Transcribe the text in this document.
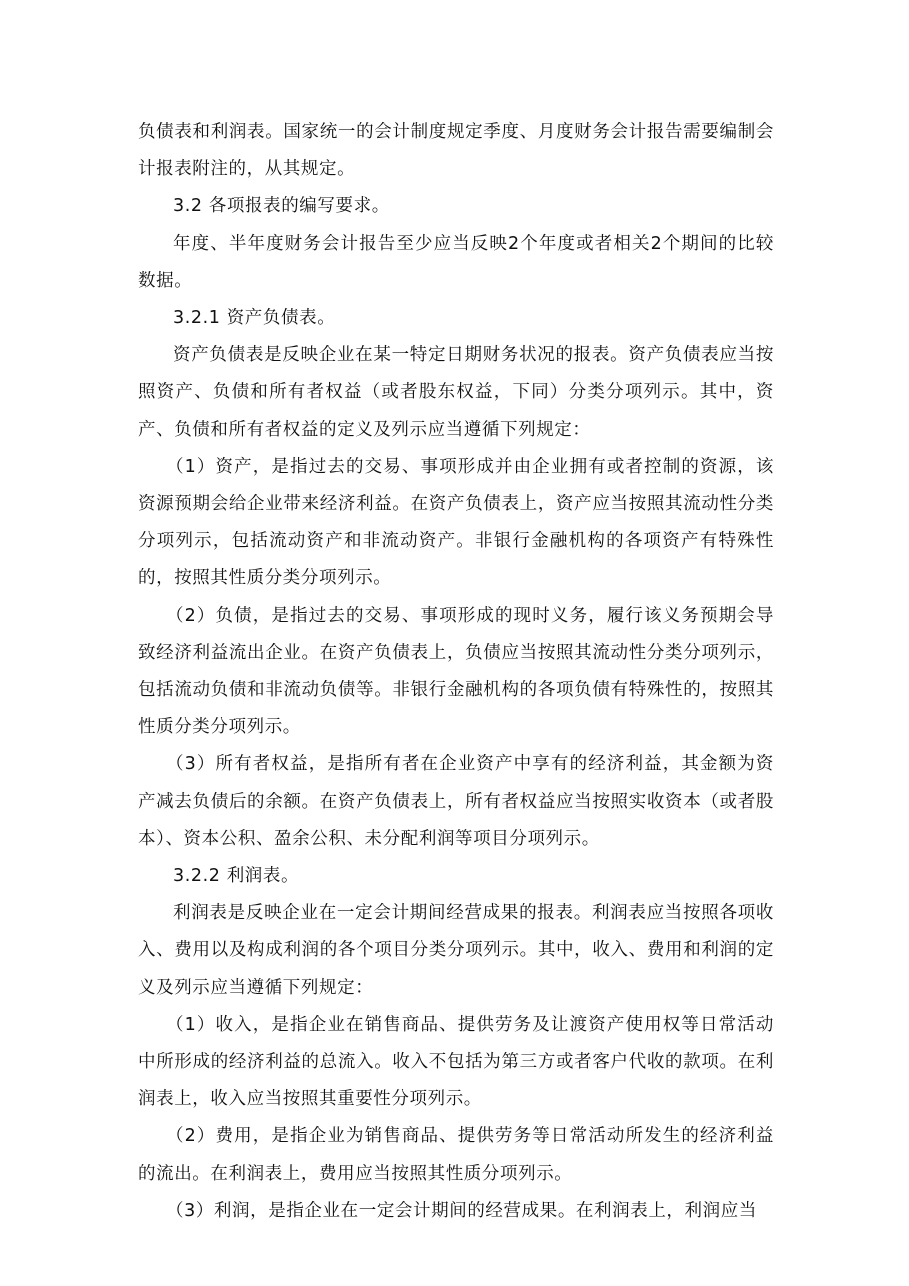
负债表和利润表。国家统一的会计制度规定季度、月度财务会计报告需要编制会计报表附注的，从其规定。

3.2 各项报表的编写要求。

年度、半年度财务会计报告至少应当反映2个年度或者相关2个期间的比较数据。

3.2.1 资产负债表。

资产负债表是反映企业在某一特定日期财务状况的报表。资产负债表应当按照资产、负债和所有者权益（或者股东权益，下同）分类分项列示。其中，资产、负债和所有者权益的定义及列示应当遵循下列规定：

（1）资产，是指过去的交易、事项形成并由企业拥有或者控制的资源，该资源预期会给企业带来经济利益。在资产负债表上，资产应当按照其流动性分类分项列示，包括流动资产和非流动资产。非银行金融机构的各项资产有特殊性的，按照其性质分类分项列示。

（2）负债，是指过去的交易、事项形成的现时义务，履行该义务预期会导致经济利益流出企业。在资产负债表上，负债应当按照其流动性分类分项列示，包括流动负债和非流动负债等。非银行金融机构的各项负债有特殊性的，按照其性质分类分项列示。

（3）所有者权益，是指所有者在企业资产中享有的经济利益，其金额为资产减去负债后的余额。在资产负债表上，所有者权益应当按照实收资本（或者股本）、资本公积、盈余公积、未分配利润等项目分项列示。

3.2.2 利润表。

利润表是反映企业在一定会计期间经营成果的报表。利润表应当按照各项收入、费用以及构成利润的各个项目分类分项列示。其中，收入、费用和利润的定义及列示应当遵循下列规定：

（1）收入，是指企业在销售商品、提供劳务及让渡资产使用权等日常活动中所形成的经济利益的总流入。收入不包括为第三方或者客户代收的款项。在利润表上，收入应当按照其重要性分项列示。

（2）费用，是指企业为销售商品、提供劳务等日常活动所发生的经济利益的流出。在利润表上，费用应当按照其性质分项列示。

（3）利润，是指企业在一定会计期间的经营成果。在利润表上，利润应当
